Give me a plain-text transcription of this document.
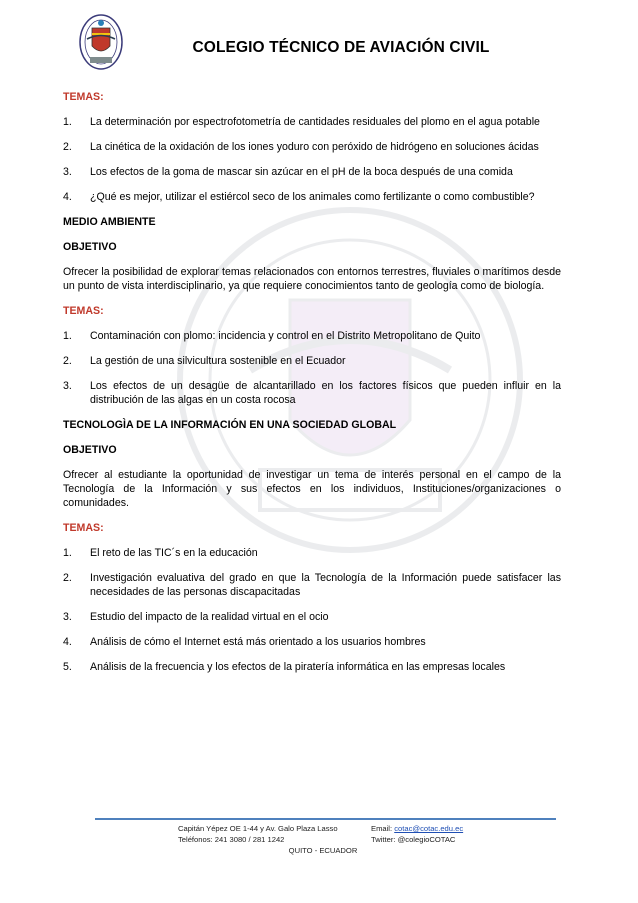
COLEGIO TÉCNICO DE AVIACIÓN CIVIL
TEMAS:
1. La determinación por espectrofotometría de cantidades residuales del plomo en el agua potable
2. La cinética de la oxidación de los iones yoduro con peróxido de hidrógeno en soluciones ácidas
3. Los efectos de la goma de mascar sin azúcar en el pH de la boca después de una comida
4. ¿Qué es mejor, utilizar el estiércol seco de los animales como fertilizante o como combustible?
MEDIO AMBIENTE
OBJETIVO
Ofrecer la posibilidad de explorar temas relacionados con entornos terrestres, fluviales o marítimos desde un punto de vista interdisciplinario, ya que requiere conocimientos tanto de geología como de biología.
TEMAS:
1. Contaminación con plomo: incidencia y control en el Distrito Metropolitano de Quito
2. La gestión de una silvicultura sostenible en el Ecuador
3. Los efectos de un desagüe de alcantarillado en los factores físicos que pueden influir en la distribución de las algas en un costa rocosa
TECNOLOGÌA DE LA INFORMACIÓN EN UNA SOCIEDAD GLOBAL
OBJETIVO
Ofrecer al estudiante la oportunidad de investigar un tema de interés personal en el campo de la Tecnología de la Información y sus efectos en los individuos, Instituciones/organizaciones o comunidades.
TEMAS:
1. El reto de las TIC´s en la educación
2. Investigación evaluativa del grado en que la Tecnología de la Información puede satisfacer las necesidades de las personas discapacitadas
3. Estudio del impacto de la realidad virtual en el ocio
4. Análisis de cómo el Internet está más orientado a los usuarios hombres
5. Análisis de la frecuencia y los efectos de la piratería informática en las empresas locales
Capitán Yépez OE 1-44 y Av. Galo Plaza Lasso
Teléfonos: 241 3080 / 281 1242
Email: cotac@cotac.edu.ec
Twitter: @colegioCOTAC
QUITO - ECUADOR
